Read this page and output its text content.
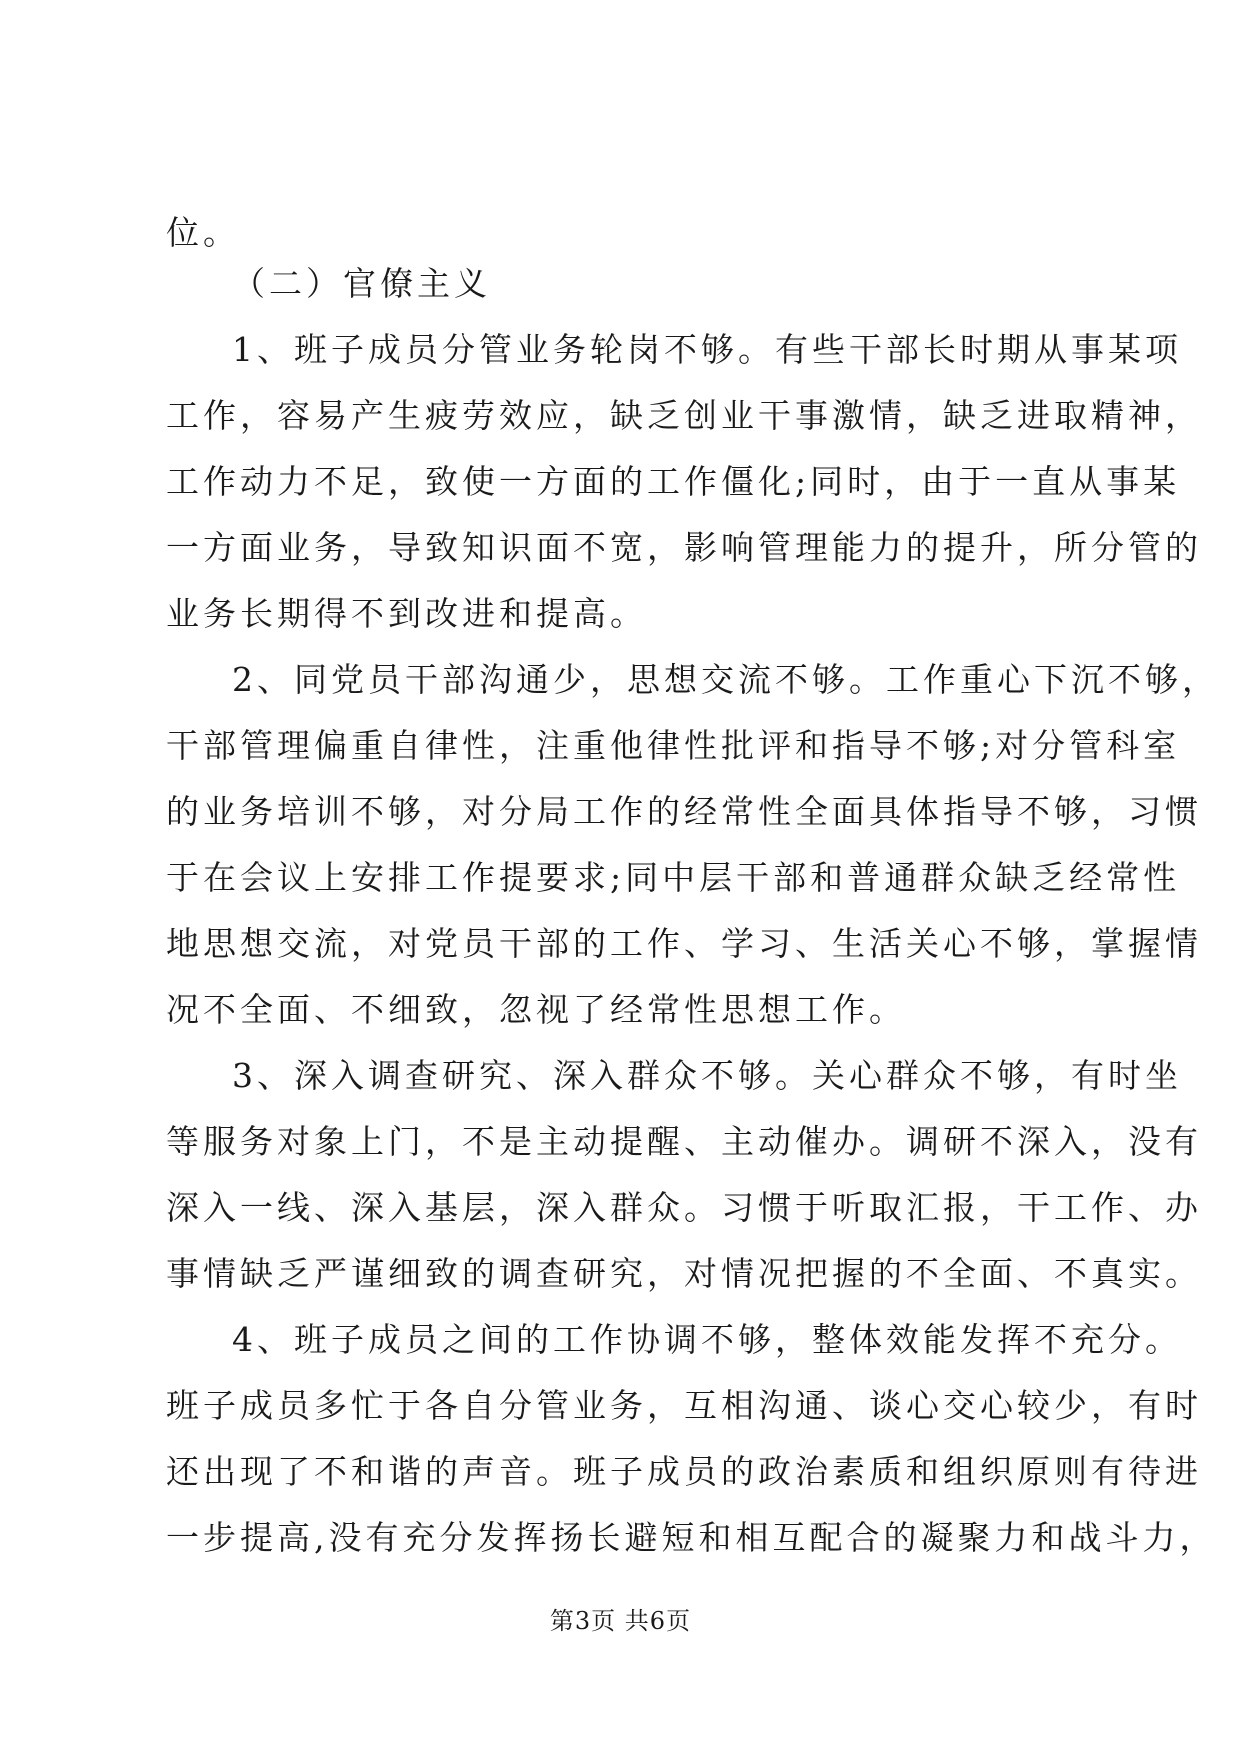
位。
（二）官僚主义
1、班子成员分管业务轮岗不够。有些干部长时期从事某项
工作，容易产生疲劳效应，缺乏创业干事激情，缺乏进取精神，
工作动力不足，致使一方面的工作僵化;同时，由于一直从事某
一方面业务，导致知识面不宽，影响管理能力的提升，所分管的
业务长期得不到改进和提高。
2、同党员干部沟通少，思想交流不够。工作重心下沉不够，
干部管理偏重自律性，注重他律性批评和指导不够;对分管科室
的业务培训不够，对分局工作的经常性全面具体指导不够，习惯
于在会议上安排工作提要求;同中层干部和普通群众缺乏经常性
地思想交流，对党员干部的工作、学习、生活关心不够，掌握情
况不全面、不细致，忽视了经常性思想工作。
3、深入调查研究、深入群众不够。关心群众不够，有时坐
等服务对象上门，不是主动提醒、主动催办。调研不深入，没有
深入一线、深入基层，深入群众。习惯于听取汇报，干工作、办
事情缺乏严谨细致的调查研究，对情况把握的不全面、不真实。
4、班子成员之间的工作协调不够，整体效能发挥不充分。
班子成员多忙于各自分管业务，互相沟通、谈心交心较少，有时
还出现了不和谐的声音。班子成员的政治素质和组织原则有待进
一步提高,没有充分发挥扬长避短和相互配合的凝聚力和战斗力，
第3页 共6页
